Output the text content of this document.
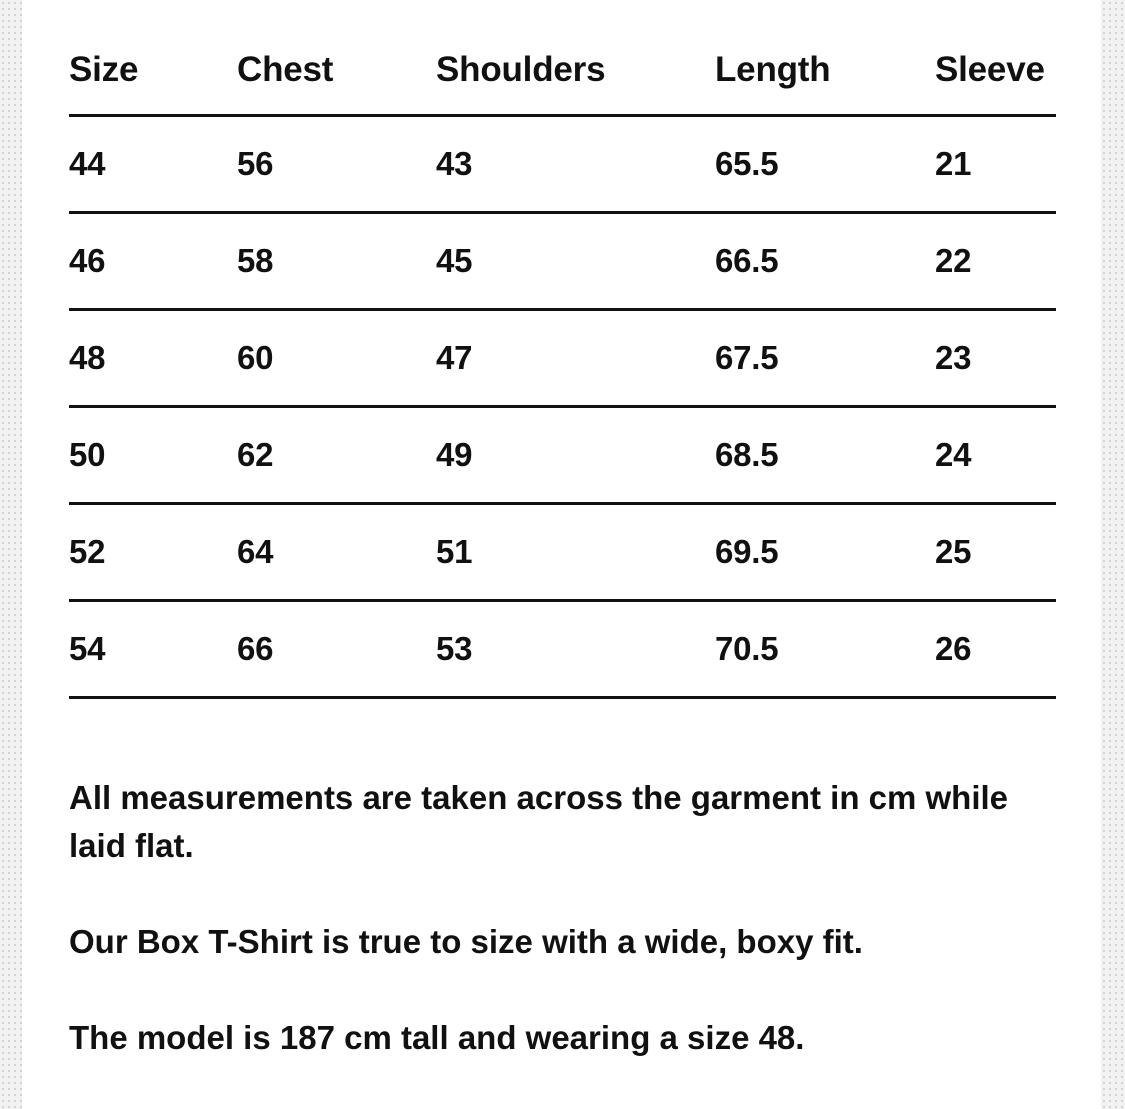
Size	Chest	Shoulders	Length	Sleeve
44	56	43	65.5	21
46	58	45	66.5	22
48	60	47	67.5	23
50	62	49	68.5	24
52	64	51	69.5	25
54	66	53	70.5	26

All measurements are taken across the garment in cm while laid flat.

Our Box T-Shirt is true to size with a wide, boxy fit.

The model is 187 cm tall and wearing a size 48.
